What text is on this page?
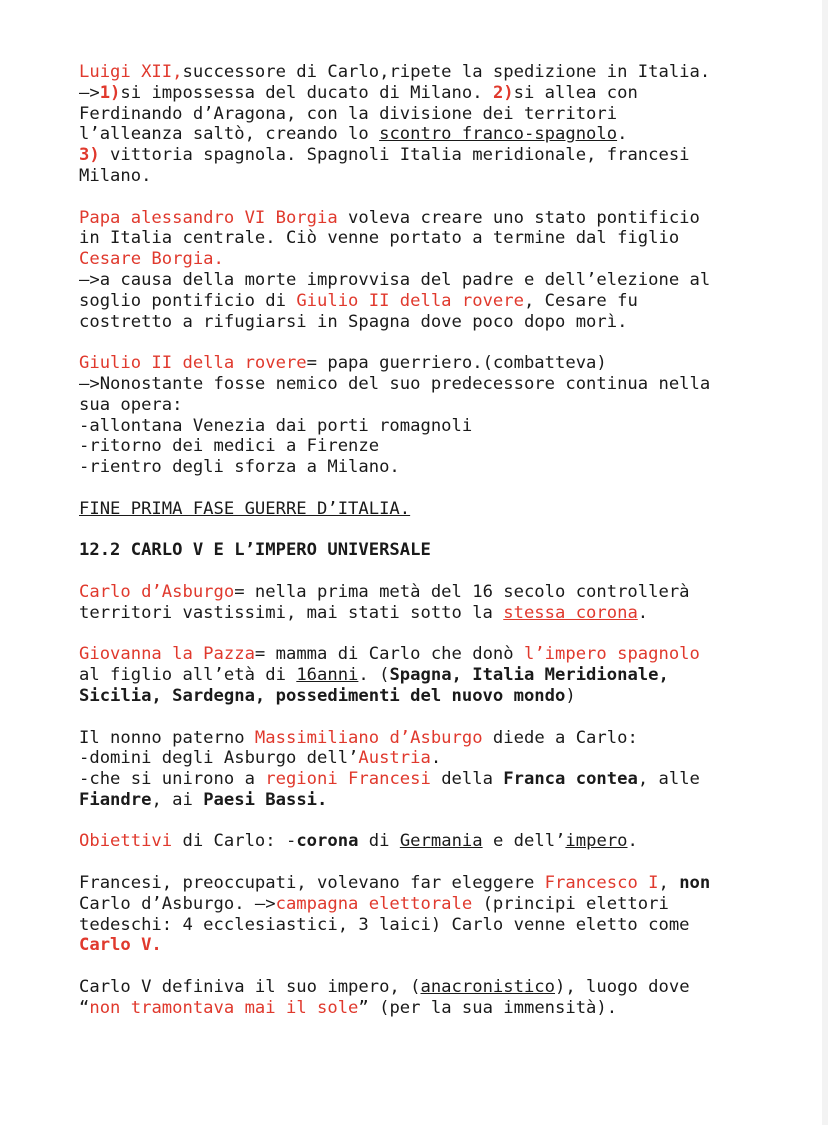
Luigi XII,successore di Carlo,ripete la spedizione in Italia.
—>1)si impossessa del ducato di Milano. 2)si allea con
Ferdinando d’Aragona, con la divisione dei territori
l’alleanza saltò, creando lo scontro franco-spagnolo.
3) vittoria spagnola. Spagnoli Italia meridionale, francesi
Milano.
Papa alessandro VI Borgia voleva creare uno stato pontificio
in Italia centrale. Ciò venne portato a termine dal figlio
Cesare Borgia.
—>a causa della morte improvvisa del padre e dell’elezione al
soglio pontificio di Giulio II della rovere, Cesare fu
costretto a rifugiarsi in Spagna dove poco dopo morì.
Giulio II della rovere= papa guerriero.(combatteva)
—>Nonostante fosse nemico del suo predecessore continua nella
sua opera:
-allontana Venezia dai porti romagnoli
-ritorno dei medici a Firenze
-rientro degli sforza a Milano.
FINE PRIMA FASE GUERRE D’ITALIA.
12.2 CARLO V E L’IMPERO UNIVERSALE
Carlo d’Asburgo= nella prima metà del 16 secolo controllerà
territori vastissimi, mai stati sotto la stessa corona.
Giovanna la Pazza= mamma di Carlo che donò l’impero spagnolo
al figlio all’età di 16anni. (Spagna, Italia Meridionale,
Sicilia, Sardegna, possedimenti del nuovo mondo)
Il nonno paterno Massimiliano d’Asburgo diede a Carlo:
-domini degli Asburgo dell’Austria.
-che si unirono a regioni Francesi della Franca contea, alle
Fiandre, ai Paesi Bassi.
Obiettivi di Carlo: -corona di Germania e dell’impero.
Francesi, preoccupati, volevano far eleggere Francesco I, non
Carlo d’Asburgo. —>campagna elettorale (principi elettori
tedeschi: 4 ecclesiastici, 3 laici) Carlo venne eletto come
Carlo V.
Carlo V definiva il suo impero, (anacronistico), luogo dove
“non tramontava mai il sole” (per la sua immensità).
